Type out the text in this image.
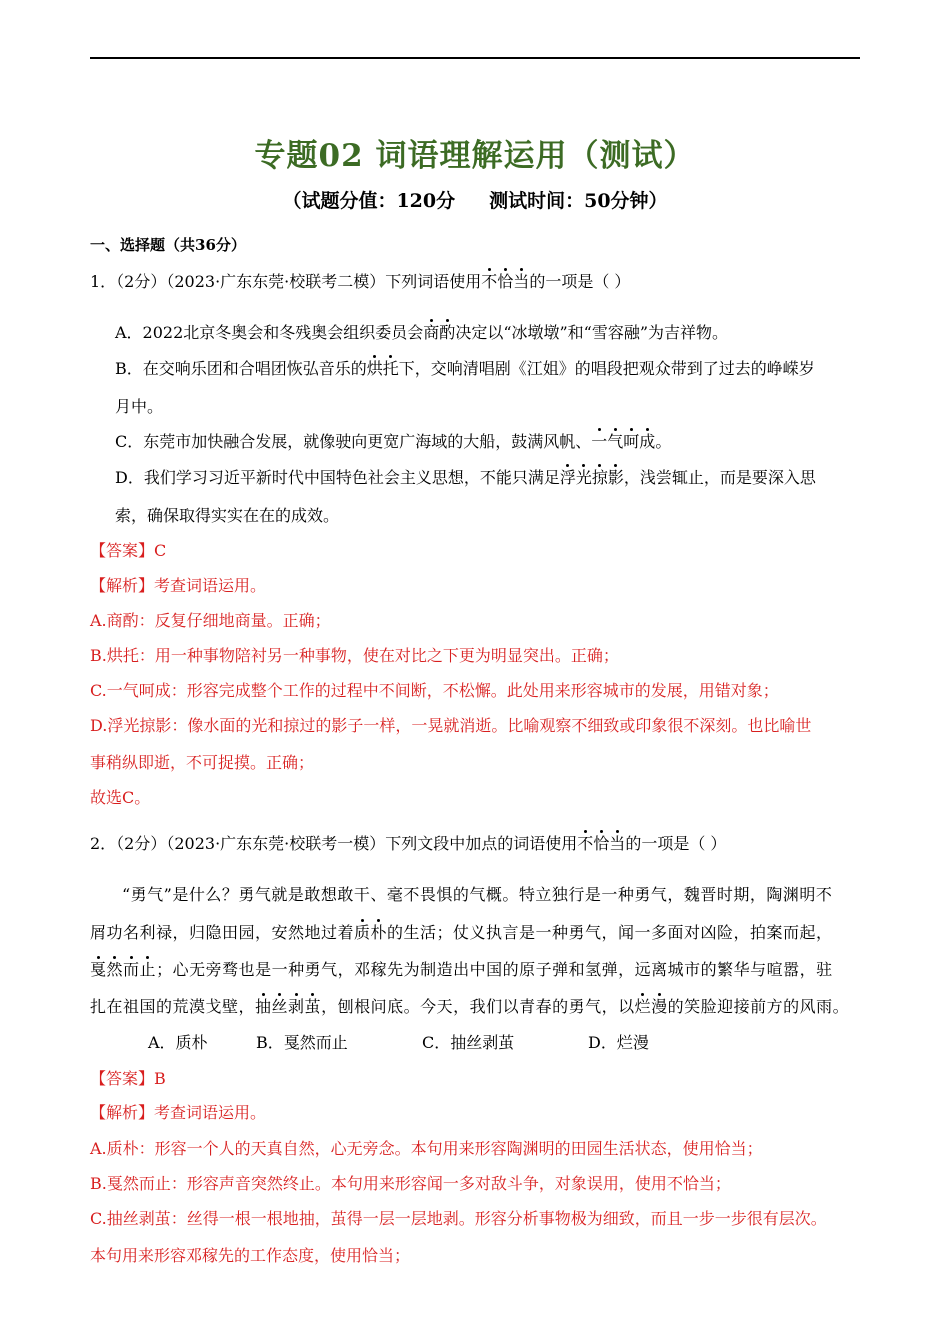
专题02 词语理解运用（测试）
（试题分值：120分 测试时间：50分钟）
一、选择题（共36分）
1．（2分）（2023·广东东莞·校联考二模）下列词语使用不恰当的一项是（ ）
A．2022北京冬奥会和冬残奥会组织委员会商酌决定以“冰墩墩”和“雪容融”为吉祥物。
B．在交响乐团和合唱团恢弘音乐的烘托下，交响清唱剧《江姐》的唱段把观众带到了过去的峥嵘岁
月中。
C．东莞市加快融合发展，就像驶向更宽广海域的大船，鼓满风帆、一气呵成。
D．我们学习习近平新时代中国特色社会主义思想，不能只满足浮光掠影，浅尝辄止，而是要深入思
索，确保取得实实在在的成效。
【答案】C
【解析】考查词语运用。
A.商酌：反复仔细地商量。正确；
B.烘托：用一种事物陪衬另一种事物，使在对比之下更为明显突出。正确；
C.一气呵成：形容完成整个工作的过程中不间断，不松懈。此处用来形容城市的发展，用错对象；
D.浮光掠影：像水面的光和掠过的影子一样，一晃就消逝。比喻观察不细致或印象很不深刻。也比喻世
事稍纵即逝，不可捉摸。正确；
故选C。
2．（2分）（2023·广东东莞·校联考一模）下列文段中加点的词语使用不恰当的一项是（ ）
“勇气”是什么？勇气就是敢想敢干、毫不畏惧的气概。特立独行是一种勇气，魏晋时期，陶渊明不
屑功名利禄，归隐田园，安然地过着质朴的生活；仗义执言是一种勇气，闻一多面对凶险，拍案而起，
戛然而止；心无旁骛也是一种勇气，邓稼先为制造出中国的原子弹和氢弹，远离城市的繁华与喧嚣，驻
扎在祖国的荒漠戈壁，抽丝剥茧，刨根问底。今天，我们以青春的勇气，以烂漫的笑脸迎接前方的风雨。
A．质朴	B．戛然而止	C．抽丝剥茧	D．烂漫
【答案】B
【解析】考查词语运用。
A.质朴：形容一个人的天真自然，心无旁念。本句用来形容陶渊明的田园生活状态，使用恰当；
B.戛然而止：形容声音突然终止。本句用来形容闻一多对敌斗争，对象误用，使用不恰当；
C.抽丝剥茧：丝得一根一根地抽，茧得一层一层地剥。形容分析事物极为细致，而且一步一步很有层次。
本句用来形容邓稼先的工作态度，使用恰当；
